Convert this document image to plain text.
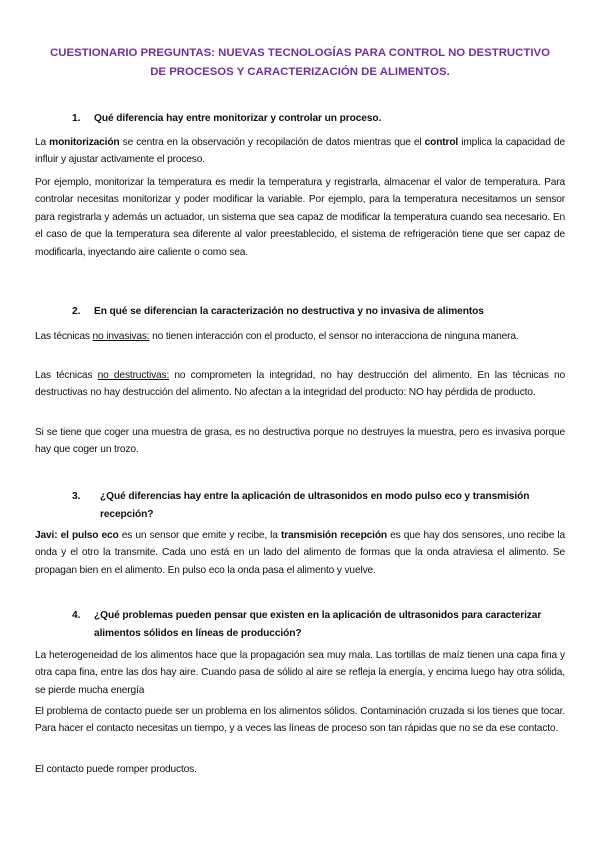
CUESTIONARIO PREGUNTAS: NUEVAS TECNOLOGÍAS PARA CONTROL NO DESTRUCTIVO
DE PROCESOS Y CARACTERIZACIÓN DE ALIMENTOS.
1.	Qué diferencia hay entre monitorizar y controlar un proceso.
La monitorización se centra en la observación y recopilación de datos mientras que el control implica la capacidad de influir y ajustar activamente el proceso.
Por ejemplo, monitorizar la temperatura es medir la temperatura y registrarla, almacenar el valor de temperatura. Para controlar necesitas monitorizar y poder modificar la variable. Por ejemplo, para la temperatura necesitamos un sensor para registrarla y además un actuador, un sistema que sea capaz de modificar la temperatura cuando sea necesario. En el caso de que la temperatura sea diferente al valor preestablecido, el sistema de refrigeración tiene que ser capaz de modificarla, inyectando aire caliente o como sea.
2.	En qué se diferencian la caracterización no destructiva y no invasiva de alimentos
Las técnicas no invasivas: no tienen interacción con el producto, el sensor no interacciona de ninguna manera.
Las técnicas no destructivas: no comprometen la integridad, no hay destrucción del alimento. En las técnicas no destructivas no hay destrucción del alimento. No afectan a la integridad del producto: NO hay pérdida de producto.
Si se tiene que coger una muestra de grasa, es no destructiva porque no destruyes la muestra, pero es invasiva porque hay que coger un trozo.
3.	¿Qué diferencias hay entre la aplicación de ultrasonidos en modo pulso eco y transmisión recepción?
Javi: el pulso eco es un sensor que emite y recibe, la transmisión recepción es que hay dos sensores, uno recibe la onda y el otro la transmite. Cada uno está en un lado del alimento de formas que la onda atraviesa el alimento. Se propagan bien en el alimento. En pulso eco la onda pasa el alimento y vuelve.
4.	¿Qué problemas pueden pensar que existen en la aplicación de ultrasonidos para caracterizar alimentos sólidos en líneas de producción?
La heterogeneidad de los alimentos hace que la propagación sea muy mala. Las tortillas de maíz tienen una capa fina y otra capa fina, entre las dos hay aire. Cuando pasa de sólido al aire se refleja la energía, y encima luego hay otra sólida, se pierde mucha energía
El problema de contacto puede ser un problema en los alimentos sólidos. Contaminación cruzada si los tienes que tocar. Para hacer el contacto necesitas un tiempo, y a veces las líneas de proceso son tan rápidas que no se da ese contacto.
El contacto puede romper productos.
